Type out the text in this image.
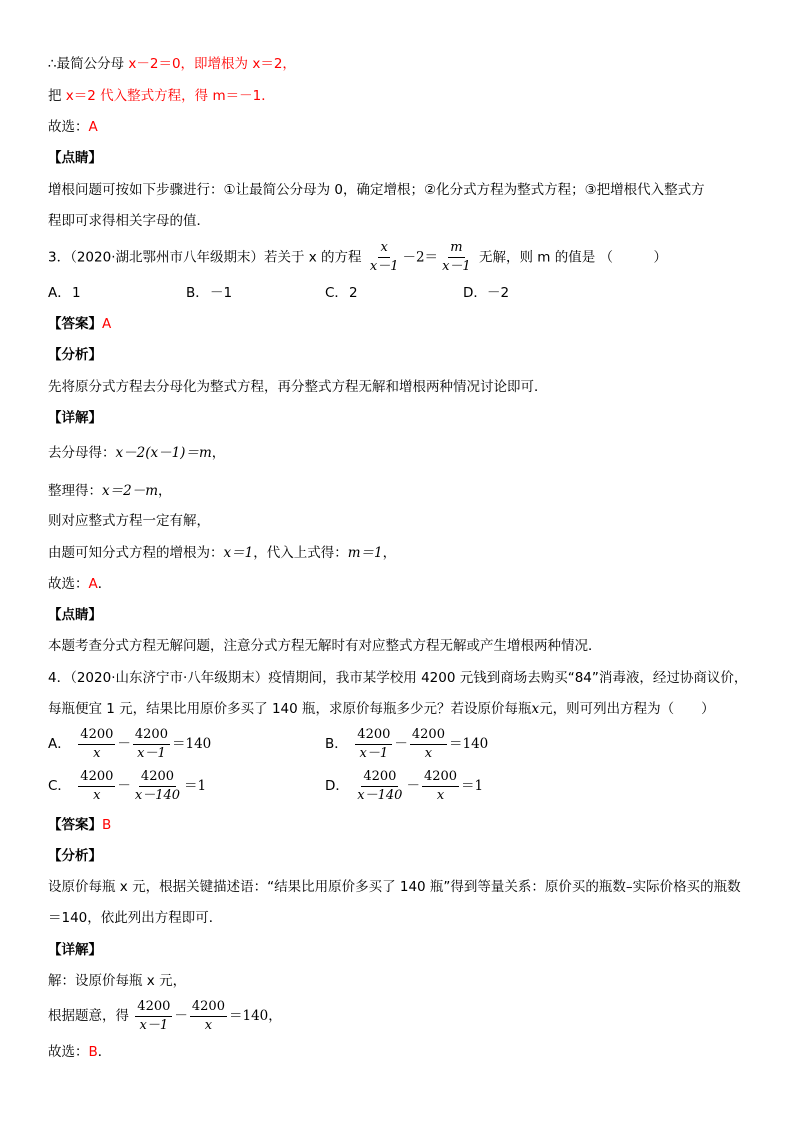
∴最简公分母 x－2＝0，即增根为 x＝2，
把 x＝2 代入整式方程，得 m＝－1．
故选：A
【点睛】
增根问题可按如下步骤进行：①让最简公分母为 0，确定增根；②化分式方程为整式方程；③把增根代入整式方
程即可求得相关字母的值．
3．（2020·湖北鄂州市八年级期末）若关于 x 的方程 $\frac{x}{x-1} -2= \frac{m}{x-1}$ 无解，则 m 的值是 （　　　）
A．1	B．－1	C．2	D．－2
【答案】A
【分析】
先将原分式方程去分母化为整式方程，再分整式方程无解和增根两种情况讨论即可．
【详解】
去分母得：x－2(x－1)＝m，
整理得：x＝2－m，
则对应整式方程一定有解，
由题可知分式方程的增根为：x＝1，代入上式得：m＝1，
故选：A．
【点睛】
本题考查分式方程无解问题，注意分式方程无解时有对应整式方程无解或产生增根两种情况．
4．（2020·山东济宁市·八年级期末）疫情期间，我市某学校用 4200 元钱到商场去购买“84”消毒液，经过协商议价，
每瓶便宜 1 元，结果比用原价多买了 140 瓶，求原价每瓶多少元？若设原价每瓶x元，则可列出方程为（　　）
A． $\frac{4200}{x} - \frac{4200}{x-1} =140$	B． $\frac{4200}{x-1} - \frac{4200}{x} =140$
C． $\frac{4200}{x} - \frac{4200}{x-140} =1$	D． $\frac{4200}{x-140} - \frac{4200}{x} =1$
【答案】B
【分析】
设原价每瓶 x 元，根据关键描述语：“结果比用原价多买了 140 瓶”得到等量关系：原价买的瓶数–实际价格买的瓶数
＝140，依此列出方程即可．
【详解】
解：设原价每瓶 x 元，
根据题意，得 $\frac{4200}{x-1} - \frac{4200}{x} =140$，
故选：B．
